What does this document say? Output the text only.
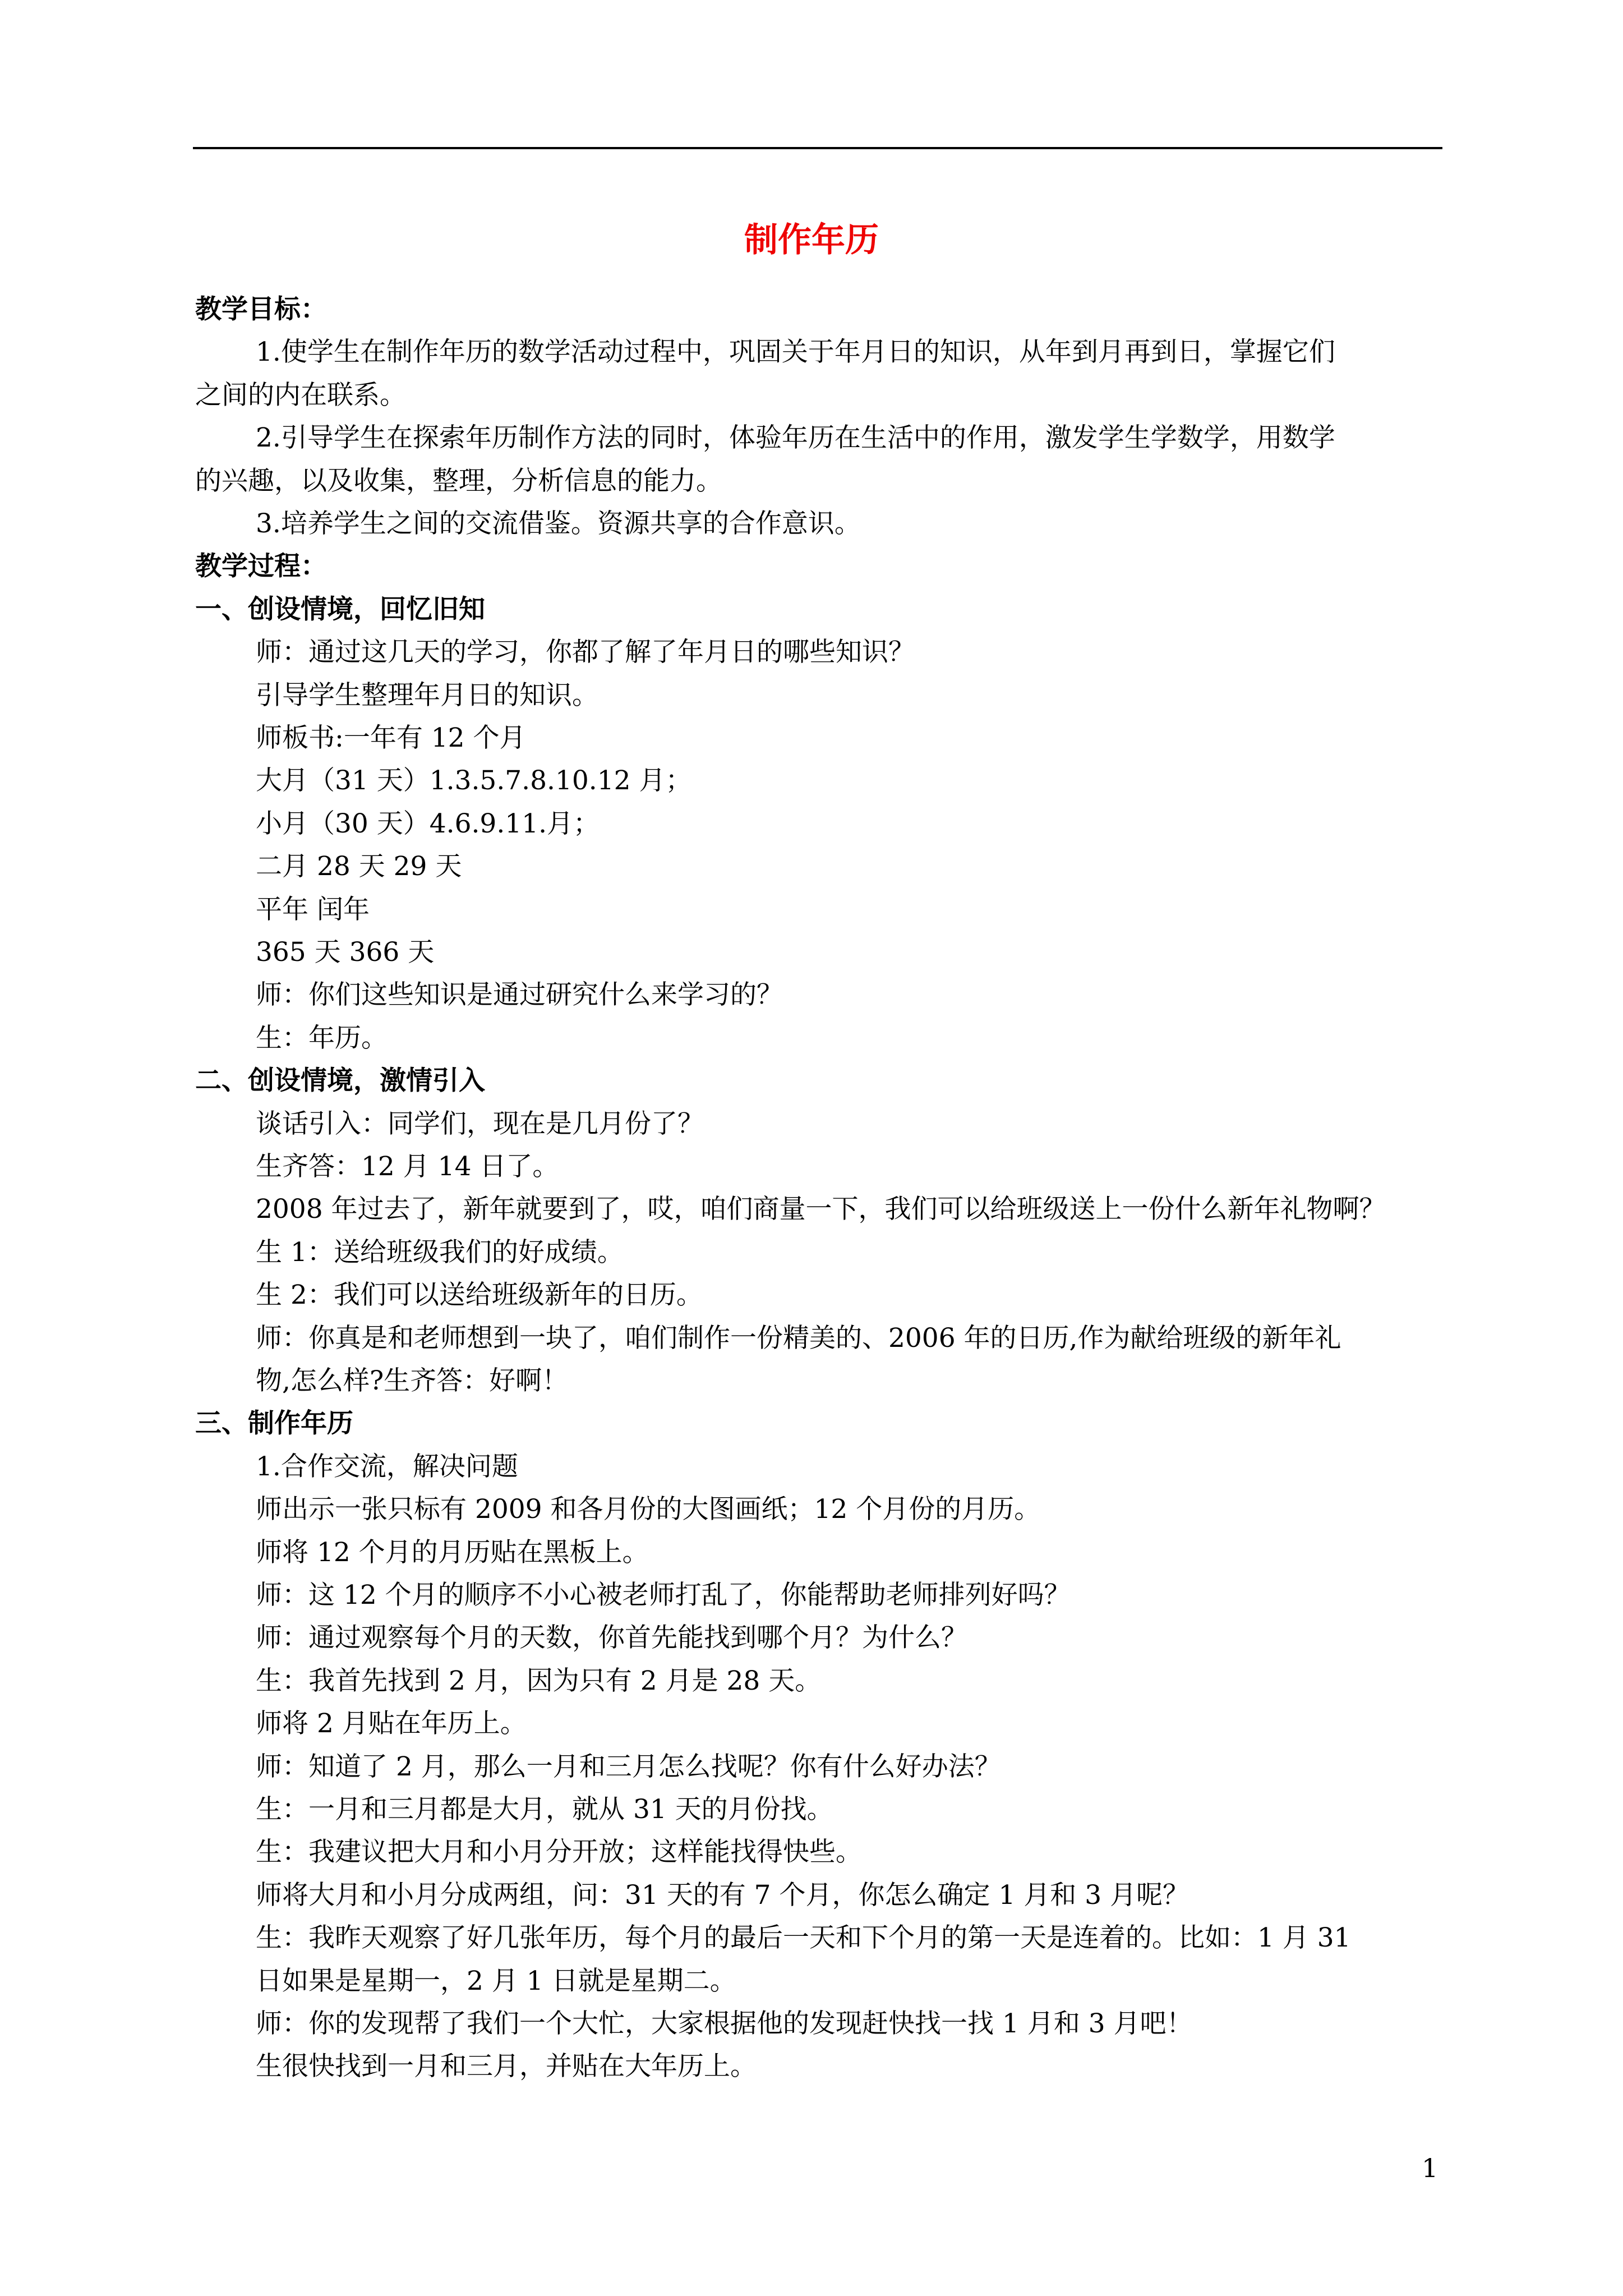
制作年历
教学目标：
1.使学生在制作年历的数学活动过程中，巩固关于年月日的知识，从年到月再到日，掌握它们
之间的内在联系。
2.引导学生在探索年历制作方法的同时，体验年历在生活中的作用，激发学生学数学，用数学
的兴趣，以及收集，整理，分析信息的能力。
3.培养学生之间的交流借鉴。资源共享的合作意识。
教学过程：
一、创设情境，回忆旧知
师：通过这几天的学习，你都了解了年月日的哪些知识？
引导学生整理年月日的知识。
师板书:一年有 12 个月
大月（31 天）1.3.5.7.8.10.12 月；
小月（30 天）4.6.9.11.月；
二月 28 天 29 天
平年 闰年
365 天 366 天
师：你们这些知识是通过研究什么来学习的？
生：年历。
二、创设情境，激情引入
谈话引入：同学们，现在是几月份了？
生齐答：12 月 14 日了。
2008 年过去了，新年就要到了，哎，咱们商量一下，我们可以给班级送上一份什么新年礼物啊？
生 1：送给班级我们的好成绩。
生 2：我们可以送给班级新年的日历。
师：你真是和老师想到一块了，咱们制作一份精美的、2006 年的日历,作为献给班级的新年礼
物,怎么样?生齐答：好啊！
三、制作年历
1.合作交流，解决问题
师出示一张只标有 2009 和各月份的大图画纸；12 个月份的月历。
师将 12 个月的月历贴在黑板上。
师：这 12 个月的顺序不小心被老师打乱了，你能帮助老师排列好吗？
师：通过观察每个月的天数，你首先能找到哪个月？为什么？
生：我首先找到 2 月，因为只有 2 月是 28 天。
师将 2 月贴在年历上。
师：知道了 2 月，那么一月和三月怎么找呢？你有什么好办法？
生：一月和三月都是大月，就从 31 天的月份找。
生：我建议把大月和小月分开放；这样能找得快些。
师将大月和小月分成两组，问：31 天的有 7 个月，你怎么确定 1 月和 3 月呢？
生：我昨天观察了好几张年历，每个月的最后一天和下个月的第一天是连着的。比如：1 月 31
日如果是星期一，2 月 1 日就是星期二。
师：你的发现帮了我们一个大忙，大家根据他的发现赶快找一找 1 月和 3 月吧！
生很快找到一月和三月，并贴在大年历上。
1
